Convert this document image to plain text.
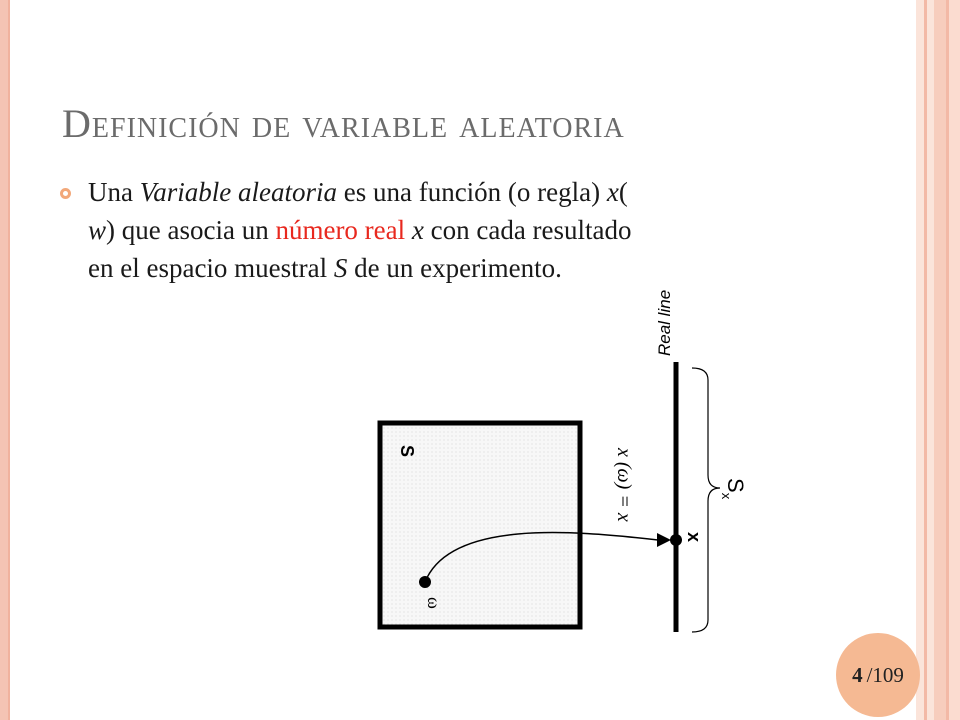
Definición de variable aleatoria

Una Variable aleatoria es una función (o regla) x( w) que asocia un número real x con cada resultado en el espacio muestral S de un experimento.

S
ω
x (ω) = x
x
Real line
$S_x$
4 /109
